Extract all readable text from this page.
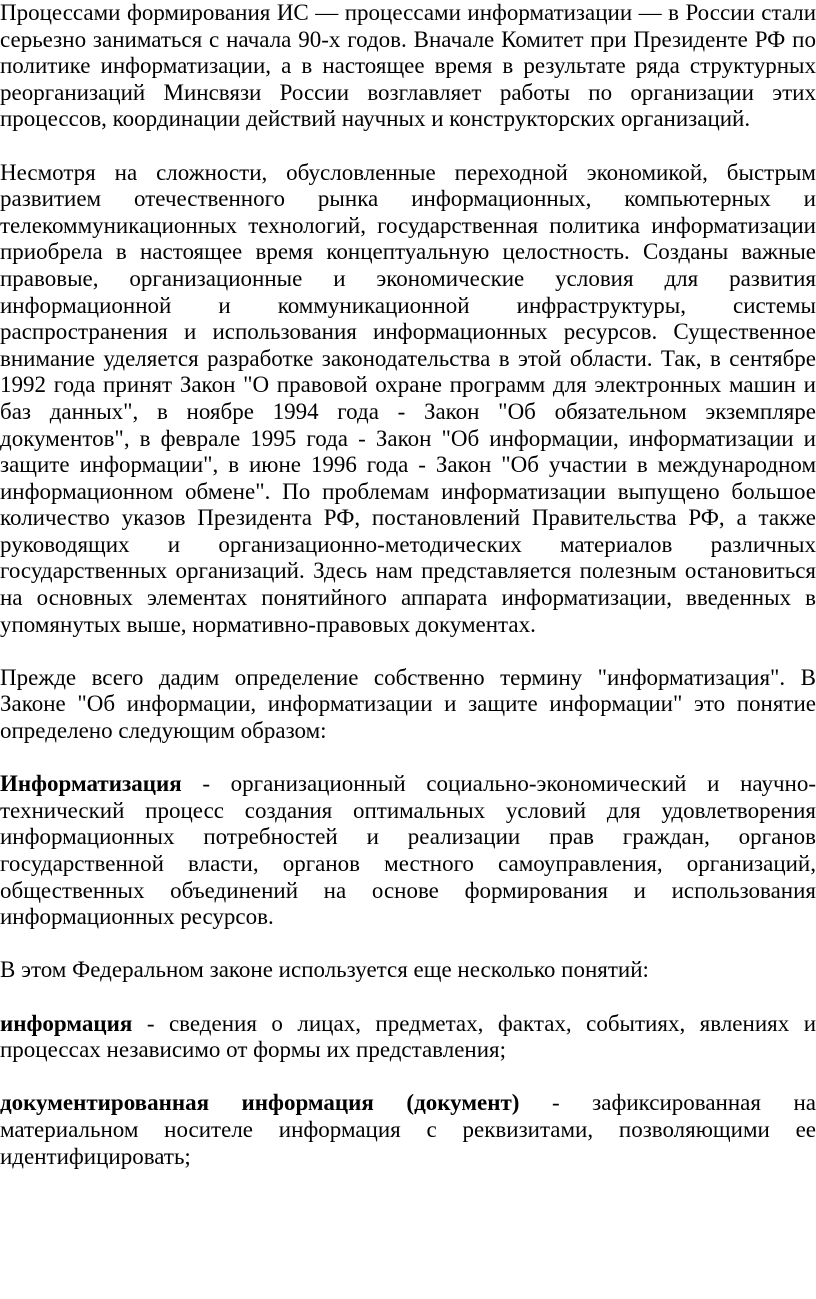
Процессами формирования ИС — процессами информатизации — в России стали серьезно заниматься с начала 90-х годов. Вначале Комитет при Президенте РФ по политике информатизации, а в настоящее время в результате ряда структурных реорганизаций Минсвязи России возглавляет работы по организации этих процессов, координации действий научных и конструкторских организаций.

Несмотря на сложности, обусловленные переходной экономикой, быстрым развитием отечественного рынка информационных, компьютерных и телекоммуникационных технологий, государственная политика информатизации приобрела в настоящее время концептуальную целостность. Созданы важные правовые, организационные и экономические условия для развития информационной и коммуникационной инфраструктуры, системы распространения и использования информационных ресурсов. Существенное внимание уделяется разработке законодательства в этой области. Так, в сентябре 1992 года принят Закон "О правовой охране программ для электронных машин и баз данных", в ноябре 1994 года - Закон "Об обязательном экземпляре документов", в феврале 1995 года - Закон "Об информации, информатизации и защите информации", в июне 1996 года - Закон "Об участии в международном информационном обмене". По проблемам информатизации выпущено большое количество указов Президента РФ, постановлений Правительства РФ, а также руководящих и организационно-методических материалов различных государственных организаций. Здесь нам представляется полезным остановиться на основных элементах понятийного аппарата информатизации, введенных в упомянутых выше, нормативно-правовых документах.

Прежде всего дадим определение собственно термину "информатизация". В Законе "Об информации, информатизации и защите информации" это понятие определено следующим образом:

Информатизация - организационный социально-экономический и научно-технический процесс создания оптимальных условий для удовлетворения информационных потребностей и реализации прав граждан, органов государственной власти, органов местного самоуправления, организаций, общественных объединений на основе формирования и использования информационных ресурсов.

В этом Федеральном законе используется еще несколько понятий:

информация - сведения о лицах, предметах, фактах, событиях, явлениях и процессах независимо от формы их представления;

документированная информация (документ) - зафиксированная на материальном носителе информация с реквизитами, позволяющими ее идентифицировать;
